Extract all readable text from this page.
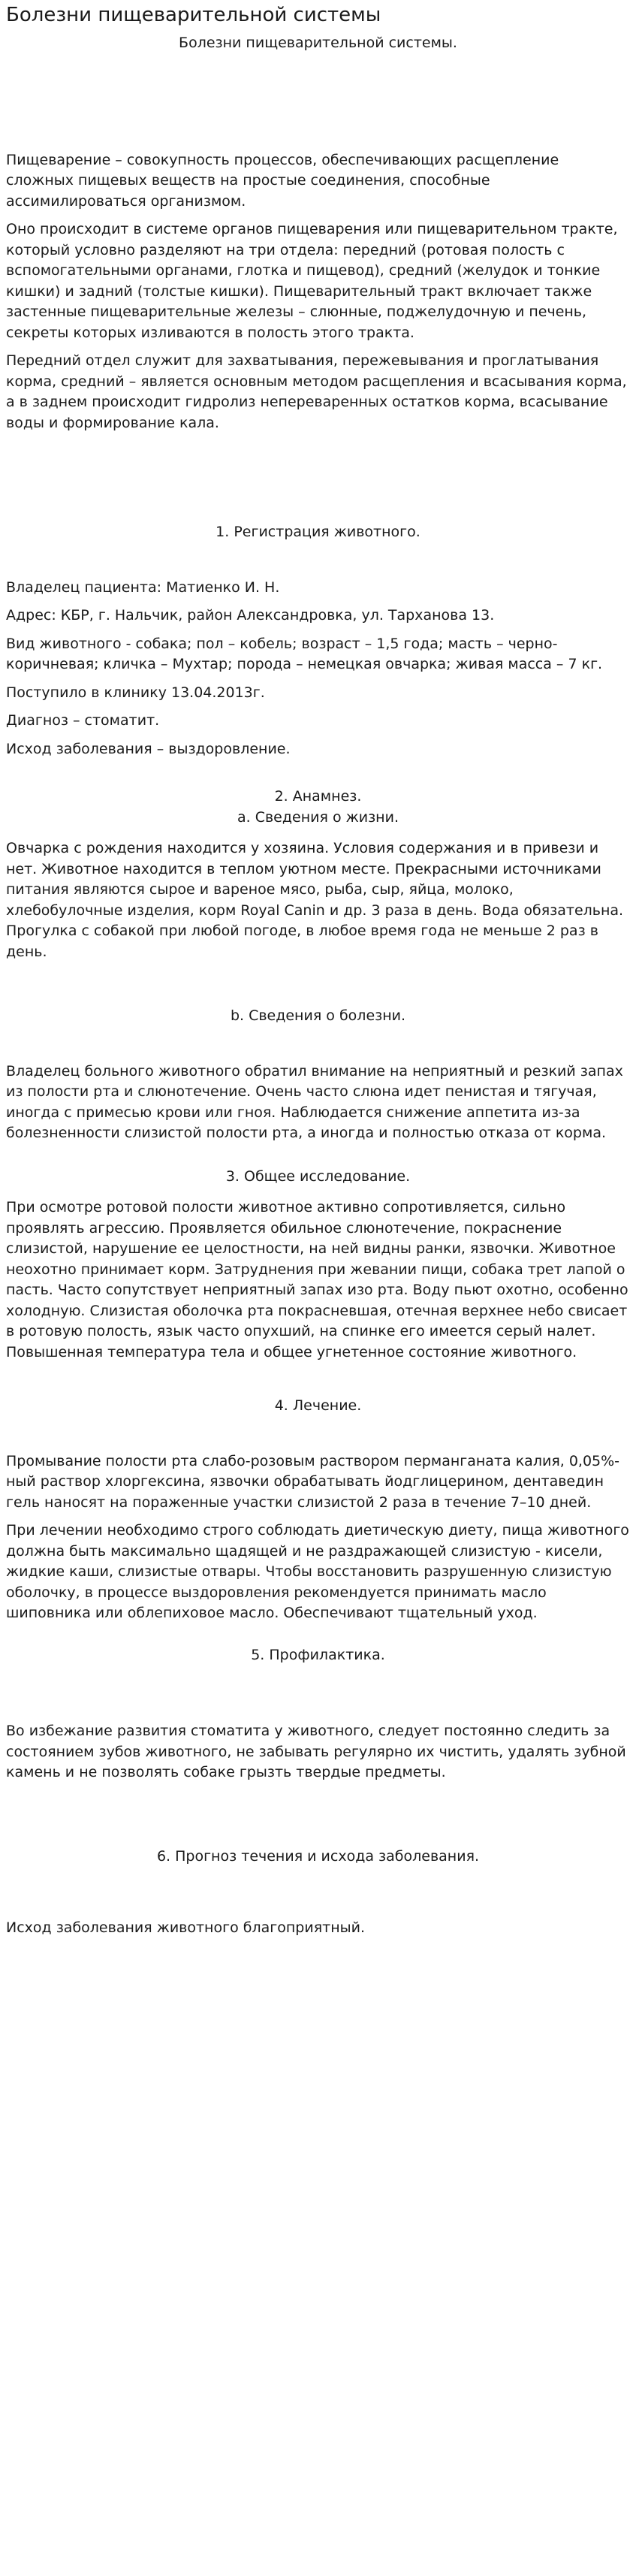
Болезни пищеварительной системы

Болезни пищеварительной системы.

Пищеварение – совокупность процессов, обеспечивающих расщепление сложных пищевых веществ на простые соединения, способные ассимилироваться организмом.

Оно происходит в системе органов пищеварения или пищеварительном тракте, который условно разделяют на три отдела: передний (ротовая полость с вспомогательными органами, глотка и пищевод), средний (желудок и тонкие кишки) и задний (толстые кишки). Пищеварительный тракт включает также застенные пищеварительные железы – слюнные, поджелудочную и печень, секреты которых изливаются в полость этого тракта.

Передний отдел служит для захватывания, пережевывания и проглатывания корма, средний – является основным методом расщепления и всасывания корма, а в заднем происходит гидролиз непереваренных остатков корма, всасывание воды и формирование кала.

1. Регистрация животного.

Владелец пациента: Матиенко И. Н.

Адрес: КБР, г. Нальчик, район Александровка, ул. Тарханова 13.

Вид животного - собака; пол – кобель; возраст – 1,5 года; масть – черно-коричневая; кличка – Мухтар; порода – немецкая овчарка; живая масса – 7 кг.

Поступило в клинику 13.04.2013г.

Диагноз – стоматит.

Исход заболевания – выздоровление.

2. Анамнез.

а. Сведения о жизни.

Овчарка с рождения находится у хозяина. Условия содержания и в привези и нет. Животное находится в теплом уютном месте. Прекрасными источниками питания являются сырое и вареное мясо, рыба, сыр, яйца, молоко, хлебобулочные изделия, корм Royal Canin и др. 3 раза в день. Вода обязательна. Прогулка с собакой при любой погоде, в любое время года не меньше 2 раз в день.

b. Сведения о болезни.

Владелец больного животного обратил внимание на неприятный и резкий запах из полости рта и слюнотечение. Очень часто слюна идет пенистая и тягучая, иногда с примесью крови или гноя. Наблюдается снижение аппетита из-за болезненности слизистой полости рта, а иногда и полностью отказа от корма.

3. Общее исследование.

При осмотре ротовой полости животное активно сопротивляется, сильно проявлять агрессию. Проявляется обильное слюнотечение, покраснение слизистой, нарушение ее целостности, на ней видны ранки, язвочки. Животное неохотно принимает корм. Затруднения при жевании пищи, собака трет лапой о пасть. Часто сопутствует неприятный запах изо рта. Воду пьют охотно, особенно холодную. Слизистая оболочка рта покрасневшая, отечная верхнее небо свисает в ротовую полость, язык часто опухший, на спинке его имеется серый налет. Повышенная температура тела и общее угнетенное состояние животного.

4. Лечение.

Промывание полости рта слабо-розовым раствором перманганата калия, 0,05%-ный раствор хлоргексина, язвочки обрабатывать йодглицерином, дентаведин гель наносят на пораженные участки слизистой 2 раза в течение 7–10 дней.

При лечении необходимо строго соблюдать диетическую диету, пища животного должна быть максимально щадящей и не раздражающей слизистую - кисели, жидкие каши, слизистые отвары. Чтобы восстановить разрушенную слизистую оболочку, в процессе выздоровления рекомендуется принимать масло шиповника или облепиховое масло. Обеспечивают тщательный уход.

5. Профилактика.

Во избежание развития стоматита у животного, следует постоянно следить за состоянием зубов животного, не забывать регулярно их чистить, удалять зубной камень и не позволять собаке грызть твердые предметы.

6. Прогноз течения и исхода заболевания.

Исход заболевания животного благоприятный.
